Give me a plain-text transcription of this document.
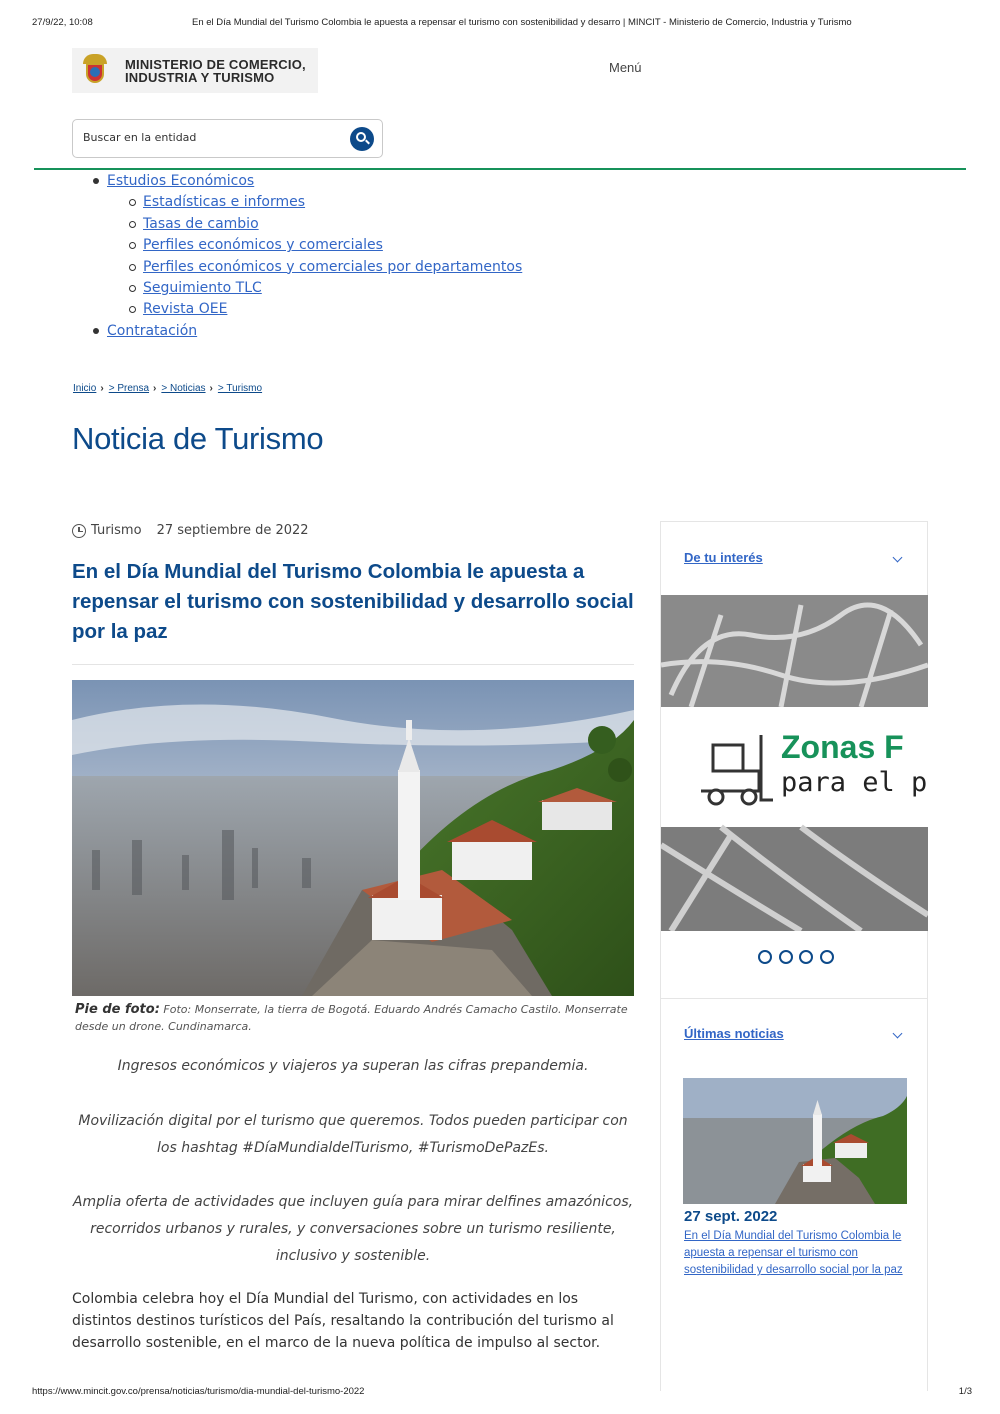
27/9/22, 10:08	En el Día Mundial del Turismo Colombia le apuesta a repensar el turismo con sostenibilidad y desarro | MINCIT - Ministerio de Comercio, Industria y Turismo
MINISTERIO DE COMERCIO,
INDUSTRIA Y TURISMO
Menú
Buscar en la entidad
Estudios Económicos
Estadísticas e informes
Tasas de cambio
Perfiles económicos y comerciales
Perfiles económicos y comerciales por departamentos
Seguimiento TLC
Revista OEE
Contratación
Inicio › > Prensa › > Noticias › > Turismo
Noticia de Turismo
Turismo 27 septiembre de 2022
En el Día Mundial del Turismo Colombia le apuesta a repensar el turismo con sostenibilidad y desarrollo social por la paz
Pie de foto: Foto: Monserrate, la tierra de Bogotá. Eduardo Andrés Camacho Castilo. Monserrate desde un drone. Cundinamarca.

Ingresos económicos y viajeros ya superan las cifras prepandemia.

Movilización digital por el turismo que queremos. Todos pueden participar con los hashtag #DíaMundialdelTurismo, #TurismoDePazEs.

Amplia oferta de actividades que incluyen guía para mirar delfines amazónicos, recorridos urbanos y rurales, y conversaciones sobre un turismo resiliente, inclusivo y sostenible.

Colombia celebra hoy el Día Mundial del Turismo, con actividades en los distintos destinos turísticos del País, resaltando la contribución del turismo al desarrollo sostenible, en el marco de la nueva política de impulso al sector.

De tu interés
Zonas F
para el p
Últimas noticias
27 sept. 2022
En el Día Mundial del Turismo Colombia le apuesta a repensar el turismo con sostenibilidad y desarrollo social por la paz
https://www.mincit.gov.co/prensa/noticias/turismo/dia-mundial-del-turismo-2022	1/3
